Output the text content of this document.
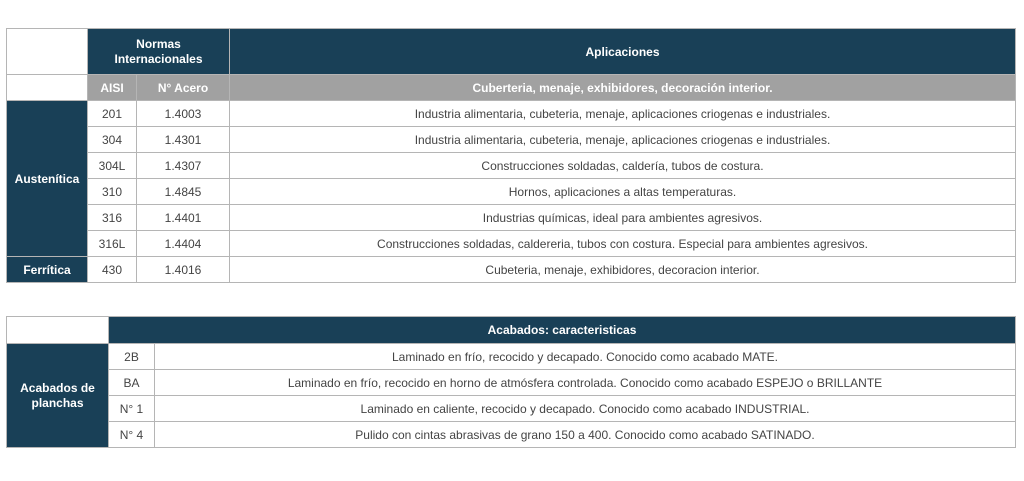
	Normas Internacionales		Aplicaciones
	AISI	N° Acero	Cuberteria, menaje, exhibidores, decoración interior.
Austenítica	201	1.4003	Industria alimentaria, cubeteria, menaje, aplicaciones criogenas e industriales.
	304	1.4301	Industria alimentaria, cubeteria, menaje, aplicaciones criogenas e industriales.
	304L	1.4307	Construcciones soldadas, caldería, tubos de costura.
	310	1.4845	Hornos, aplicaciones a altas temperaturas.
	316	1.4401	Industrias químicas, ideal para ambientes agresivos.
	316L	1.4404	Construcciones soldadas, caldereria, tubos con costura. Especial para ambientes agresivos.
Ferrítica	430	1.4016	Cubeteria, menaje, exhibidores, decoracion interior.
	Acabados: caracteristicas	
Acabados de planchas	2B	Laminado en frío, recocido y decapado. Conocido como acabado MATE.
	BA	Laminado en frío, recocido en horno de atmósfera controlada. Conocido como acabado ESPEJO o BRILLANTE
	N° 1	Laminado en caliente, recocido y decapado. Conocido como acabado INDUSTRIAL.
	N° 4	Pulido con cintas abrasivas de grano 150 a 400. Conocido como acabado SATINADO.
